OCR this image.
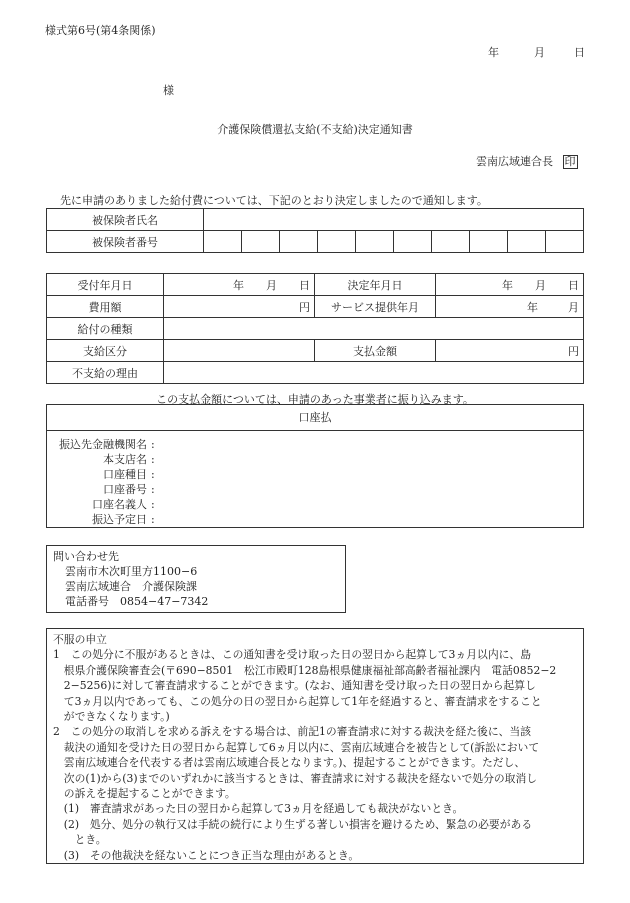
様式第6号(第4条関係)
年	月	日
様
介護保険償還払支給(不支給)決定通知書
雲南広域連合長 印
先に申請のありました給付費については、下記のとおり決定しましたので通知します。
被保険者氏名										
被保険者番号										
受付年月日	年 月 日	決定年月日	年 月 日
費用額	円	サービス提供年月	年 月
給付の種類			
支給区分		支払金額	円
不支給の理由			
この支払金額については、申請のあった事業者に振り込みます。
口座払
振込先金融機関名 :
本支店名 :
口座種目 :
口座番号 :
口座名義人 :
振込予定日 :
問い合わせ先
雲南市木次町里方1100−6
雲南広域連合　介護保険課
電話番号　0854−47−7342
不服の申立
1　この処分に不服があるときは、この通知書を受け取った日の翌日から起算して3ヵ月以内に、島
　根県介護保険審査会(〒690−8501　松江市殿町128島根県健康福祉部高齢者福祉課内　電話0852−2
　2−5256)に対して審査請求することができます。(なお、通知書を受け取った日の翌日から起算し
　て3ヵ月以内であっても、この処分の日の翌日から起算して1年を経過すると、審査請求をすること
　ができなくなります。)
2　この処分の取消しを求める訴えをする場合は、前記1の審査請求に対する裁決を経た後に、当該
　裁決の通知を受けた日の翌日から起算して6ヵ月以内に、雲南広域連合を被告として(訴訟において
　雲南広域連合を代表する者は雲南広域連合長となります。)、提起することができます。ただし、
　次の(1)から(3)までのいずれかに該当するときは、審査請求に対する裁決を経ないで処分の取消し
　の訴えを提起することができます。
　(1)　審査請求があった日の翌日から起算して3ヵ月を経過しても裁決がないとき。
　(2)　処分、処分の執行又は手続の続行により生ずる著しい損害を避けるため、緊急の必要がある
　　とき。
　(3)　その他裁決を経ないことにつき正当な理由があるとき。
